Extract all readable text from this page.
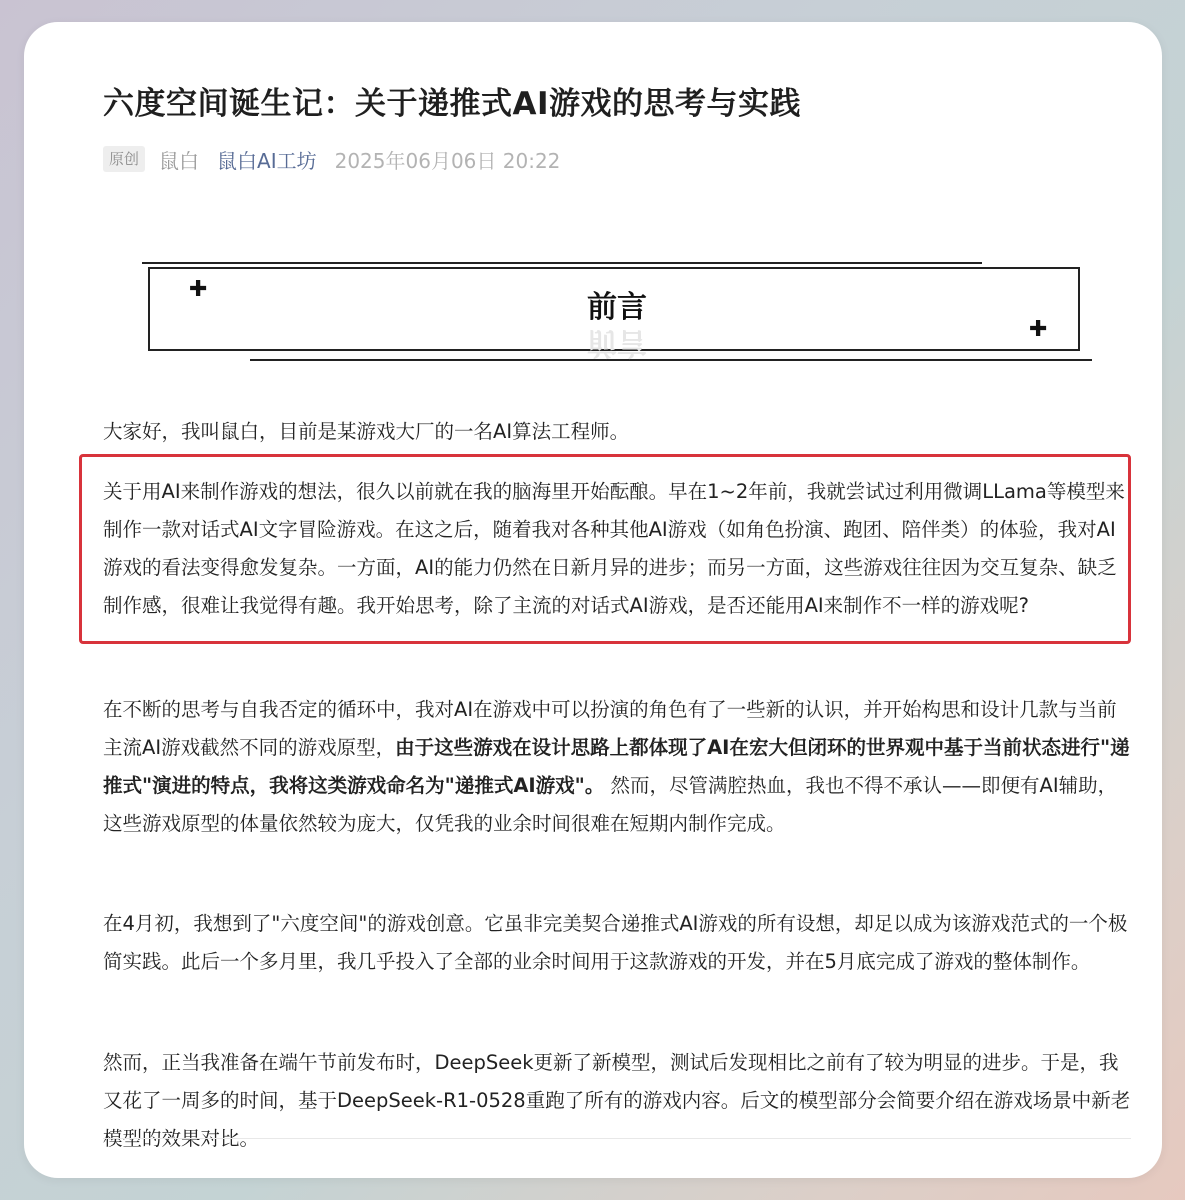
六度空间诞生记：关于递推式AI游戏的思考与实践
原创	鼠白 鼠白AI工坊 2025年06月06日 20:22
✚
✚
前言
前言

大家好，我叫鼠白，目前是某游戏大厂的一名AI算法工程师。

关于用AI来制作游戏的想法，很久以前就在我的脑海里开始酝酿。早在1~2年前，我就尝试过利用微调LLama等模型来制作一款对话式AI文字冒险游戏。在这之后，随着我对各种其他AI游戏（如角色扮演、跑团、陪伴类）的体验，我对AI游戏的看法变得愈发复杂。一方面，AI的能力仍然在日新月异的进步；而另一方面，这些游戏往往因为交互复杂、缺乏制作感，很难让我觉得有趣。我开始思考，除了主流的对话式AI游戏，是否还能用AI来制作不一样的游戏呢?

在不断的思考与自我否定的循环中，我对AI在游戏中可以扮演的角色有了一些新的认识，并开始构思和设计几款与当前主流AI游戏截然不同的游戏原型，由于这些游戏在设计思路上都体现了AI在宏大但闭环的世界观中基于当前状态进行"递推式"演进的特点，我将这类游戏命名为"递推式AI游戏"。 然而，尽管满腔热血，我也不得不承认——即便有AI辅助，这些游戏原型的体量依然较为庞大，仅凭我的业余时间很难在短期内制作完成。

在4月初，我想到了"六度空间"的游戏创意。它虽非完美契合递推式AI游戏的所有设想，却足以成为该游戏范式的一个极简实践。此后一个多月里，我几乎投入了全部的业余时间用于这款游戏的开发，并在5月底完成了游戏的整体制作。

然而，正当我准备在端午节前发布时，DeepSeek更新了新模型，测试后发现相比之前有了较为明显的进步。于是，我又花了一周多的时间，基于DeepSeek-R1-0528重跑了所有的游戏内容。后文的模型部分会简要介绍在游戏场景中新老模型的效果对比。
